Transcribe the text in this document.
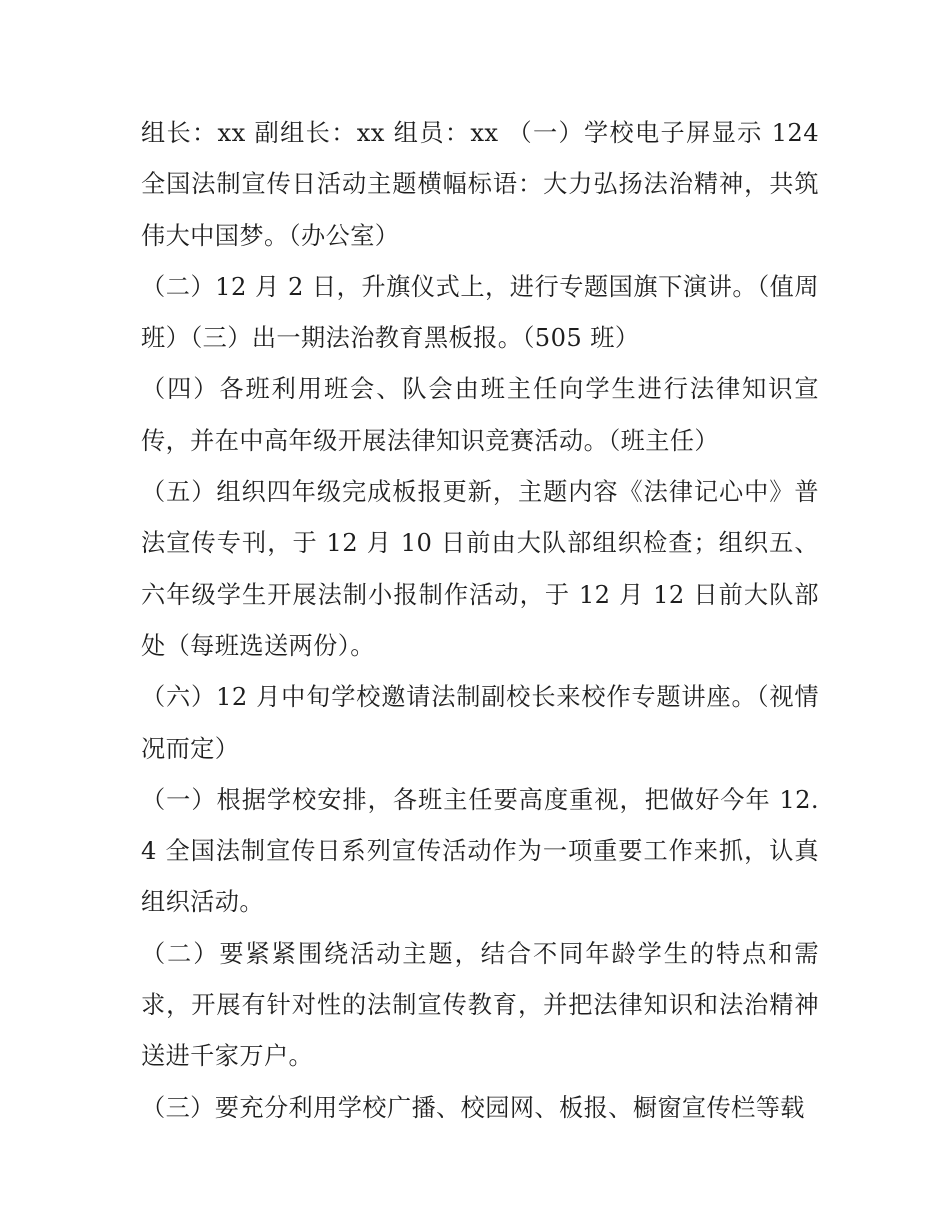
组长：xx 副组长：xx 组员：xx （一）学校电子屏显示 124 全国法制宣传日活动主题横幅标语：大力弘扬法治精神，共筑伟大中国梦。（办公室）

（二）12 月 2 日，升旗仪式上，进行专题国旗下演讲。（值周班）（三）出一期法治教育黑板报。（505 班）

（四）各班利用班会、队会由班主任向学生进行法律知识宣传，并在中高年级开展法律知识竞赛活动。（班主任）

（五）组织四年级完成板报更新，主题内容《法律记心中》普法宣传专刊，于 12 月 10 日前由大队部组织检查；组织五、六年级学生开展法制小报制作活动，于 12 月 12 日前大队部处（每班选送两份）。

（六）12 月中旬学校邀请法制副校长来校作专题讲座。（视情况而定）

（一）根据学校安排，各班主任要高度重视，把做好今年 12.4 全国法制宣传日系列宣传活动作为一项重要工作来抓，认真组织活动。

（二）要紧紧围绕活动主题，结合不同年龄学生的特点和需求，开展有针对性的法制宣传教育，并把法律知识和法治精神送进千家万户。

（三）要充分利用学校广播、校园网、板报、橱窗宣传栏等载
